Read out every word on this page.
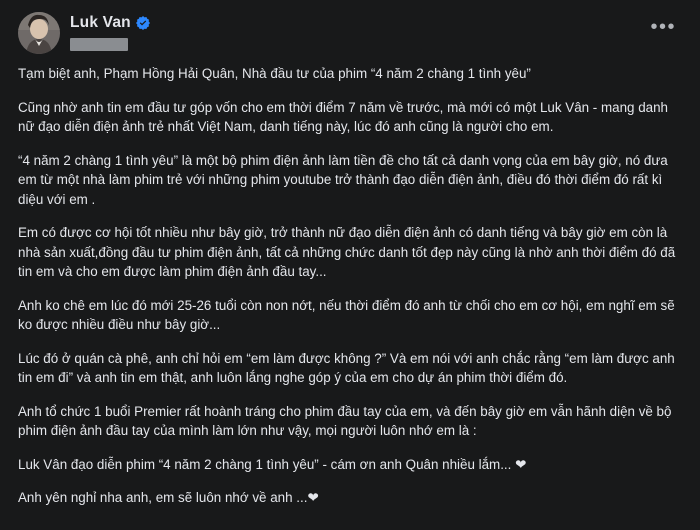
Luk Van	•••

Tạm biệt anh, Phạm Hồng Hải Quân, Nhà đầu tư của phim “4 năm 2 chàng 1 tình yêu”

Cũng nhờ anh tin em đầu tư góp vốn cho em thời điểm 7 năm về trước, mà mới có một Luk Vân - mang danh nữ đạo diễn điện ảnh trẻ nhất Việt Nam, danh tiếng này, lúc đó anh cũng là người cho em.

“4 năm 2 chàng 1 tình yêu” là một bộ phim điện ảnh làm tiền đề cho tất cả danh vọng của em bây giờ, nó đưa em từ một nhà làm phim trẻ với những phim youtube trở thành đạo diễn điện ảnh, điều đó thời điểm đó rất kì diệu với em .

Em có được cơ hội tốt nhiều như bây giờ, trở thành nữ đạo diễn điện ảnh có danh tiếng và bây giờ em còn là nhà sản xuất,đồng đầu tư phim điện ảnh, tất cả những chức danh tốt đẹp này cũng là nhờ anh thời điểm đó đã tin em và cho em được làm phim điện ảnh đầu tay...

Anh ko chê em lúc đó mới 25-26 tuổi còn non nớt, nếu thời điểm đó anh từ chối cho em cơ hội, em nghĩ em sẽ ko được nhiều điều như bây giờ...

Lúc đó ở quán cà phê, anh chỉ hỏi em “em làm được không ?” Và em nói với anh chắc rằng “em làm được anh tin em đi” và anh tin em thật, anh luôn lắng nghe góp ý của em cho dự án phim thời điểm đó.

Anh tổ chức 1 buổi Premier rất hoành tráng cho phim đầu tay của em, và đến bây giờ em vẫn hãnh diện về bộ phim điện ảnh đầu tay của mình làm lớn như vậy, mọi người luôn nhớ em là :

Luk Vân đạo diễn phim “4 năm 2 chàng 1 tình yêu” - cám ơn anh Quân nhiều lắm... ❤

Anh yên nghỉ nha anh, em sẽ luôn nhớ về anh ...❤
